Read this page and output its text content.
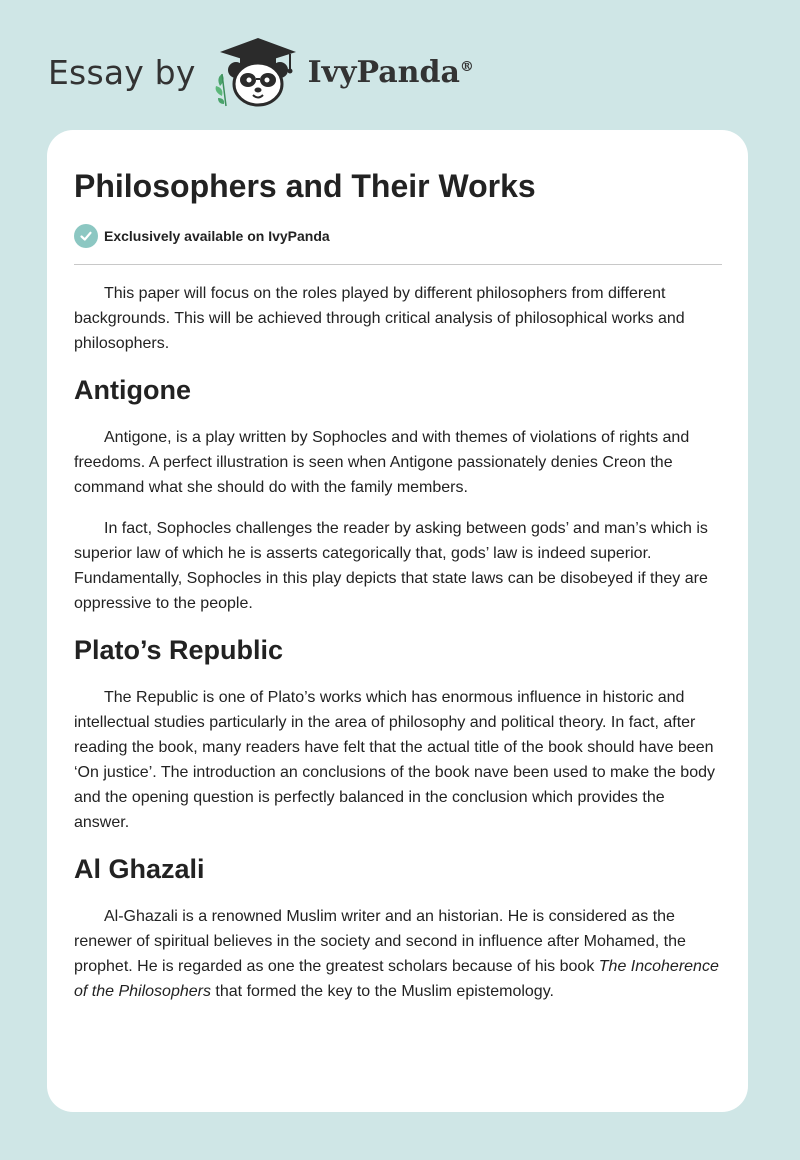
Essay by	IvyPanda®
Philosophers and Their Works
Exclusively available on IvyPanda

This paper will focus on the roles played by different philosophers from different backgrounds. This will be achieved through critical analysis of philosophical works and philosophers.

Antigone

Antigone, is a play written by Sophocles and with themes of violations of rights and freedoms. A perfect illustration is seen when Antigone passionately denies Creon the command what she should do with the family members.

In fact, Sophocles challenges the reader by asking between gods’ and man’s which is superior law of which he is asserts categorically that, gods’ law is indeed superior. Fundamentally, Sophocles in this play depicts that state laws can be disobeyed if they are oppressive to the people.

Plato’s Republic

The Republic is one of Plato’s works which has enormous influence in historic and intellectual studies particularly in the area of philosophy and political theory. In fact, after reading the book, many readers have felt that the actual title of the book should have been ‘On justice’. The introduction an conclusions of the book nave been used to make the body and the opening question is perfectly balanced in the conclusion which provides the answer.

Al Ghazali

Al-Ghazali is a renowned Muslim writer and an historian. He is considered as the renewer of spiritual believes in the society and second in influence after Mohamed, the prophet. He is regarded as one the greatest scholars because of his book The Incoherence of the Philosophers that formed the key to the Muslim epistemology.
